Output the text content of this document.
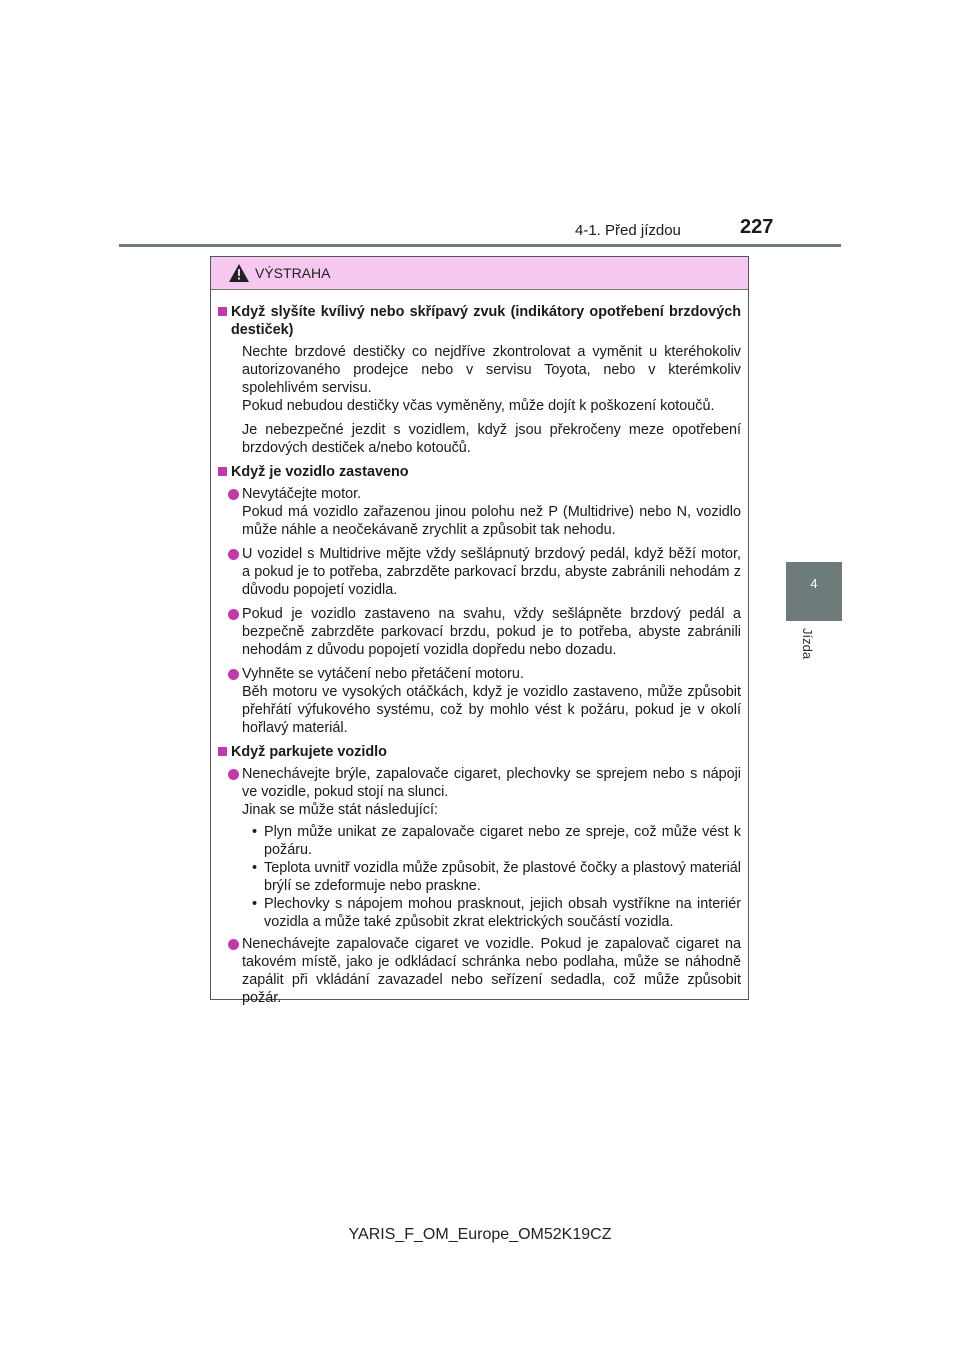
4-1. Před jízdou	227
4
Jízda
VÝSTRAHA
Když slyšíte kvílivý nebo skřípavý zvuk (indikátory opotřebení brzdových destiček)
Nechte brzdové destičky co nejdříve zkontrolovat a vyměnit u kteréhokoliv autorizovaného prodejce nebo v servisu Toyota, nebo v kterémkoliv spolehlivém servisu.
Pokud nebudou destičky včas vyměněny, může dojít k poškození kotoučů.
Je nebezpečné jezdit s vozidlem, když jsou překročeny meze opotřebení brzdových destiček a/nebo kotoučů.
Když je vozidlo zastaveno
Nevytáčejte motor.
Pokud má vozidlo zařazenou jinou polohu než P (Multidrive) nebo N, vozidlo může náhle a neočekávaně zrychlit a způsobit tak nehodu.
U vozidel s Multidrive mějte vždy sešlápnutý brzdový pedál, když běží motor, a pokud je to potřeba, zabrzděte parkovací brzdu, abyste zabránili nehodám z důvodu popojetí vozidla.
Pokud je vozidlo zastaveno na svahu, vždy sešlápněte brzdový pedál a bezpečně zabrzděte parkovací brzdu, pokud je to potřeba, abyste zabránili nehodám z důvodu popojetí vozidla dopředu nebo dozadu.
Vyhněte se vytáčení nebo přetáčení motoru.
Běh motoru ve vysokých otáčkách, když je vozidlo zastaveno, může způsobit přehřátí výfukového systému, což by mohlo vést k požáru, pokud je v okolí hořlavý materiál.
Když parkujete vozidlo
Nenechávejte brýle, zapalovače cigaret, plechovky se sprejem nebo s nápoji ve vozidle, pokud stojí na slunci.
Jinak se může stát následující:
• Plyn může unikat ze zapalovače cigaret nebo ze spreje, což může vést k požáru.
• Teplota uvnitř vozidla může způsobit, že plastové čočky a plastový materiál brýlí se zdeformuje nebo praskne.
• Plechovky s nápojem mohou prasknout, jejich obsah vystříkne na interiér vozidla a může také způsobit zkrat elektrických součástí vozidla.
Nenechávejte zapalovače cigaret ve vozidle. Pokud je zapalovač cigaret na takovém místě, jako je odkládací schránka nebo podlaha, může se náhodně zapálit při vkládání zavazadel nebo seřízení sedadla, což může způsobit požár.
YARIS_F_OM_Europe_OM52K19CZ
